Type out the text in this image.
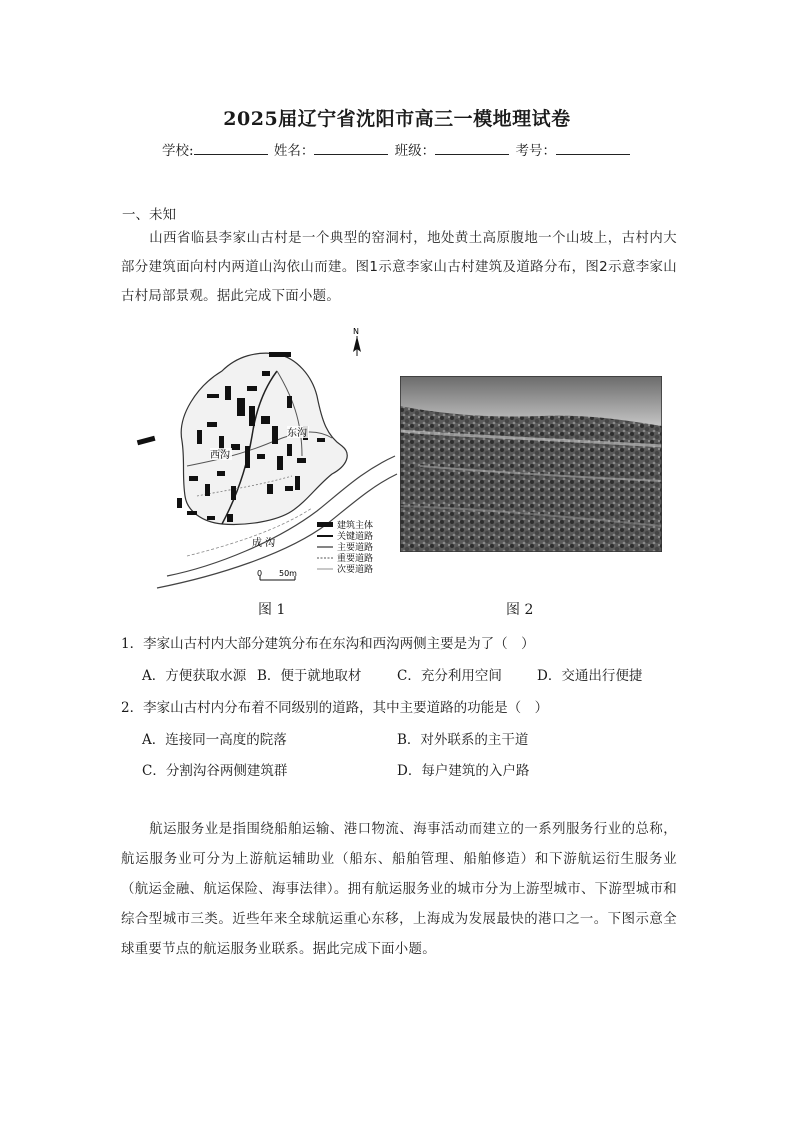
2025届辽宁省沈阳市高三一模地理试卷
学校:	姓名：	班级：	考号：
一、未知
山西省临县李家山古村是一个典型的窑洞村，地处黄土高原腹地一个山坡上，古村内大部分建筑面向村内两道山沟依山而建。图1示意李家山古村建筑及道路分布，图2示意李家山古村局部景观。据此完成下面小题。
N
东沟
西沟
成 沟
建筑主体
关键道路
主要道路
重要道路
次要道路
0 50m
图 1	图 2
1．李家山古村内大部分建筑分布在东沟和西沟两侧主要是为了（　）
A．方便获取水源 B．便于就地取材	C．充分利用空间	D．交通出行便捷
2．李家山古村内分布着不同级别的道路，其中主要道路的功能是（　）
A．连接同一高度的院落	B．对外联系的主干道
C．分割沟谷两侧建筑群	D．每户建筑的入户路
航运服务业是指围绕船舶运输、港口物流、海事活动而建立的一系列服务行业的总称，航运服务业可分为上游航运辅助业（船东、船舶管理、船舶修造）和下游航运衍生服务业（航运金融、航运保险、海事法律）。拥有航运服务业的城市分为上游型城市、下游型城市和综合型城市三类。近些年来全球航运重心东移，上海成为发展最快的港口之一。下图示意全球重要节点的航运服务业联系。据此完成下面小题。
